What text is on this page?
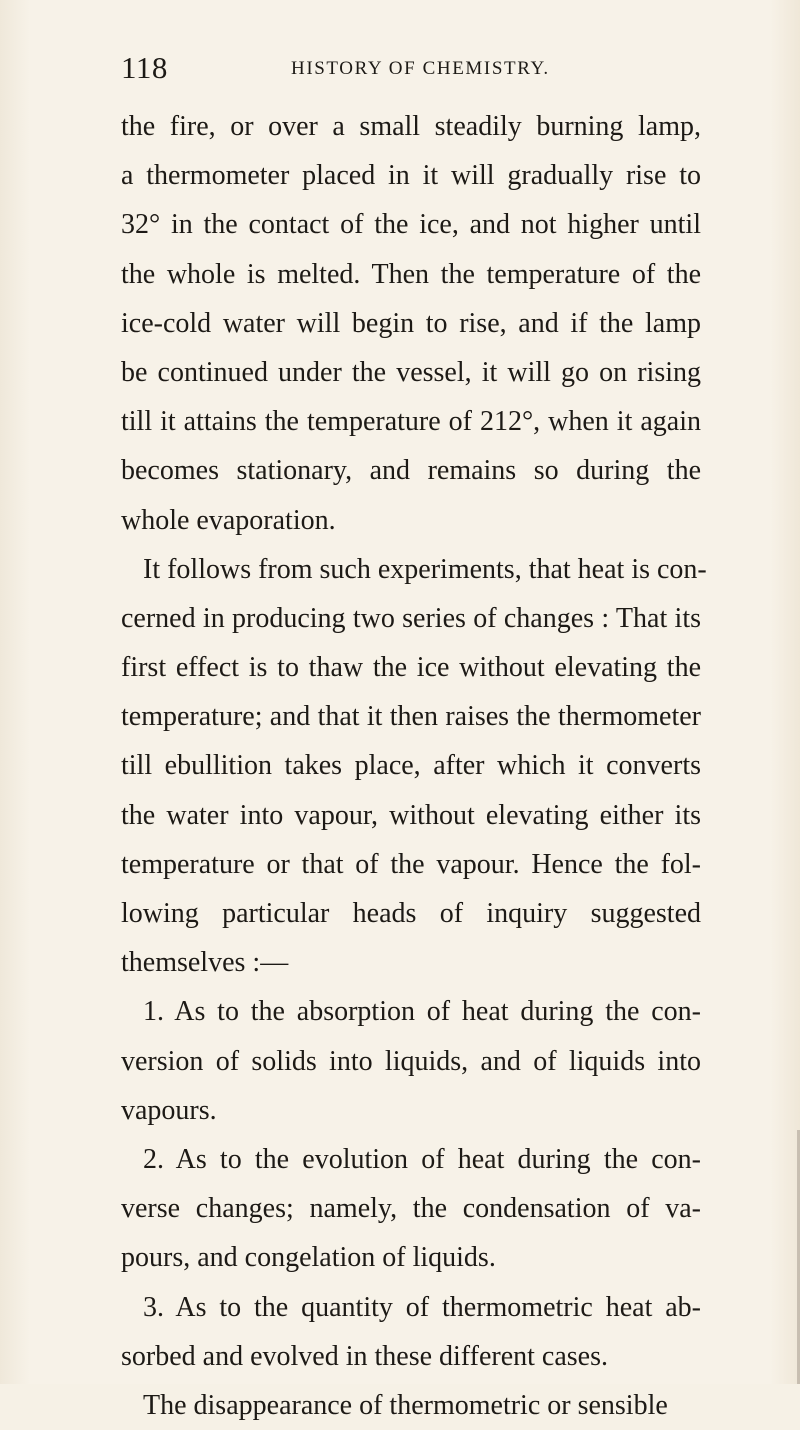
118	HISTORY OF CHEMISTRY.
the fire, or over a small steadily burning lamp,
a thermometer placed in it will gradually rise to
32° in the contact of the ice, and not higher until
the whole is melted. Then the temperature of the
ice-cold water will begin to rise, and if the lamp
be continued under the vessel, it will go on rising
till it attains the temperature of 212°, when it again
becomes stationary, and remains so during the
whole evaporation.
It follows from such experiments, that heat is con-
cerned in producing two series of changes : That its
first effect is to thaw the ice without elevating the
temperature; and that it then raises the thermometer
till ebullition takes place, after which it converts
the water into vapour, without elevating either its
temperature or that of the vapour. Hence the fol-
lowing particular heads of inquiry suggested
themselves :—
1. As to the absorption of heat during the con-
version of solids into liquids, and of liquids into
vapours.
2. As to the evolution of heat during the con-
verse changes; namely, the condensation of va-
pours, and congelation of liquids.
3. As to the quantity of thermometric heat ab-
sorbed and evolved in these different cases.
The disappearance of thermometric or sensible
